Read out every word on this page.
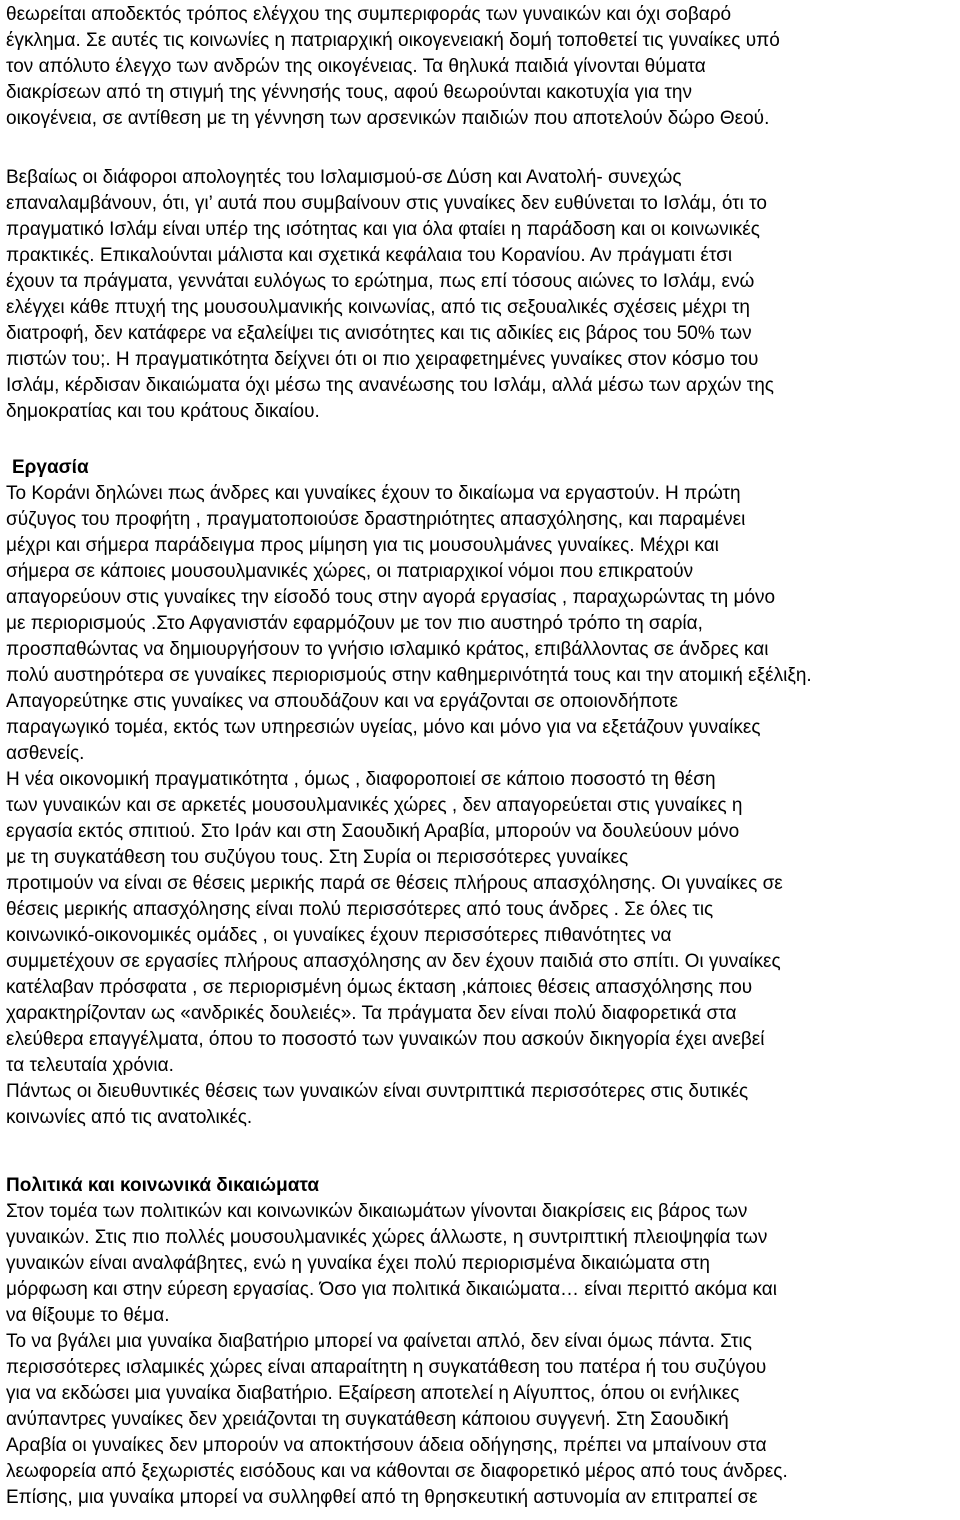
θεωρείται αποδεκτός τρόπος ελέγχου της συμπεριφοράς των γυναικών και όχι σοβαρό
έγκλημα. Σε αυτές τις κοινωνίες η πατριαρχική οικογενειακή δομή τοποθετεί τις γυναίκες υπό
τον απόλυτο έλεγχο των ανδρών της οικογένειας. Τα θηλυκά παιδιά γίνονται θύματα
διακρίσεων από τη στιγμή της γέννησής τους, αφού θεωρούνται κακοτυχία για την
οικογένεια, σε αντίθεση με τη γέννηση των αρσενικών παιδιών που αποτελούν δώρο Θεού.
Βεβαίως οι διάφοροι απολογητές του Ισλαμισμού-σε Δύση και Ανατολή- συνεχώς
επαναλαμβάνουν, ότι, γι’ αυτά που συμβαίνουν στις γυναίκες δεν ευθύνεται το Ισλάμ, ότι το
πραγματικό Ισλάμ είναι υπέρ της ισότητας και για όλα φταίει η παράδοση και οι κοινωνικές
πρακτικές. Επικαλούνται μάλιστα και σχετικά κεφάλαια του Κορανίου. Αν πράγματι έτσι
έχουν τα πράγματα, γεννάται ευλόγως το ερώτημα, πως επί τόσους αιώνες το Ισλάμ, ενώ
ελέγχει κάθε πτυχή της μουσουλμανικής κοινωνίας, από τις σεξουαλικές σχέσεις μέχρι τη
διατροφή, δεν κατάφερε να εξαλείψει τις ανισότητες και τις αδικίες εις βάρος του 50% των
πιστών του;. Η πραγματικότητα δείχνει ότι οι πιο χειραφετημένες γυναίκες στον κόσμο του
Ισλάμ, κέρδισαν δικαιώματα όχι μέσω της ανανέωσης του Ισλάμ, αλλά μέσω των αρχών της
δημοκρατίας και του κράτους δικαίου.
Εργασία
Το Κοράνι δηλώνει πως άνδρες και γυναίκες έχουν το δικαίωμα να εργαστούν. Η πρώτη
σύζυγος του προφήτη , πραγματοποιούσε δραστηριότητες απασχόλησης, και παραμένει
μέχρι και σήμερα παράδειγμα προς μίμηση για τις μουσουλμάνες γυναίκες. Μέχρι και
σήμερα σε κάποιες μουσουλμανικές χώρες, οι πατριαρχικοί νόμοι που επικρατούν
απαγορεύουν στις γυναίκες την είσοδό τους στην αγορά εργασίας , παραχωρώντας τη μόνο
με περιορισμούς .Στο Αφγανιστάν εφαρμόζουν με τον πιο αυστηρό τρόπο τη σαρία,
προσπαθώντας να δημιουργήσουν το γνήσιο ισλαμικό κράτος, επιβάλλοντας σε άνδρες και
πολύ αυστηρότερα σε γυναίκες περιορισμούς στην καθημερινότητά τους και την ατομική εξέλιξη.
Απαγορεύτηκε στις γυναίκες να σπουδάζουν και να εργάζονται σε οποιονδήποτε
παραγωγικό τομέα, εκτός των υπηρεσιών υγείας, μόνο και μόνο για να εξετάζουν γυναίκες
ασθενείς.
Η νέα οικονομική πραγματικότητα , όμως , διαφοροποιεί σε κάποιο ποσοστό τη θέση
των γυναικών και σε αρκετές μουσουλμανικές χώρες , δεν απαγορεύεται στις γυναίκες η
εργασία εκτός σπιτιού. Στο Ιράν και στη Σαουδική Αραβία, μπορούν να δουλεύουν μόνο
με τη συγκατάθεση του συζύγου τους. Στη Συρία οι περισσότερες γυναίκες
προτιμούν να είναι σε θέσεις μερικής παρά σε θέσεις πλήρους απασχόλησης. Οι γυναίκες σε
θέσεις μερικής απασχόλησης είναι πολύ περισσότερες από τους άνδρες . Σε όλες τις
κοινωνικό-οικονομικές ομάδες , οι γυναίκες έχουν περισσότερες πιθανότητες να
συμμετέχουν σε εργασίες πλήρους απασχόλησης αν δεν έχουν παιδιά στο σπίτι. Οι γυναίκες
κατέλαβαν πρόσφατα , σε περιορισμένη όμως έκταση ,κάποιες θέσεις απασχόλησης που
χαρακτηρίζονταν ως «ανδρικές δουλειές». Τα πράγματα δεν είναι πολύ διαφορετικά στα
ελεύθερα επαγγέλματα, όπου το ποσοστό των γυναικών που ασκούν δικηγορία έχει ανεβεί
τα τελευταία χρόνια.
Πάντως οι διευθυντικές θέσεις των γυναικών είναι συντριπτικά περισσότερες στις δυτικές
κοινωνίες από τις ανατολικές.
Πολιτικά και κοινωνικά δικαιώματα
Στον τομέα των πολιτικών και κοινωνικών δικαιωμάτων γίνονται διακρίσεις εις βάρος των
γυναικών. Στις πιο πολλές μουσουλμανικές χώρες άλλωστε, η συντριπτική πλειοψηφία των
γυναικών είναι αναλφάβητες, ενώ η γυναίκα έχει πολύ περιορισμένα δικαιώματα στη
μόρφωση και στην εύρεση εργασίας. Όσο για πολιτικά δικαιώματα… είναι περιττό ακόμα και
να θίξουμε το θέμα.
Το να βγάλει μια γυναίκα διαβατήριο μπορεί να φαίνεται απλό, δεν είναι όμως πάντα. Στις
περισσότερες ισλαμικές χώρες είναι απαραίτητη η συγκατάθεση του πατέρα ή του συζύγου
για να εκδώσει μια γυναίκα διαβατήριο. Εξαίρεση αποτελεί η Αίγυπτος, όπου οι ενήλικες
ανύπαντρες γυναίκες δεν χρειάζονται τη συγκατάθεση κάποιου συγγενή. Στη Σαουδική
Αραβία οι γυναίκες δεν μπορούν να αποκτήσουν άδεια οδήγησης, πρέπει να μπαίνουν στα
λεωφορεία από ξεχωριστές εισόδους και να κάθονται σε διαφορετικό μέρος από τους άνδρες.
Επίσης, μια γυναίκα μπορεί να συλληφθεί από τη θρησκευτική αστυνομία αν επιτραπεί σε
